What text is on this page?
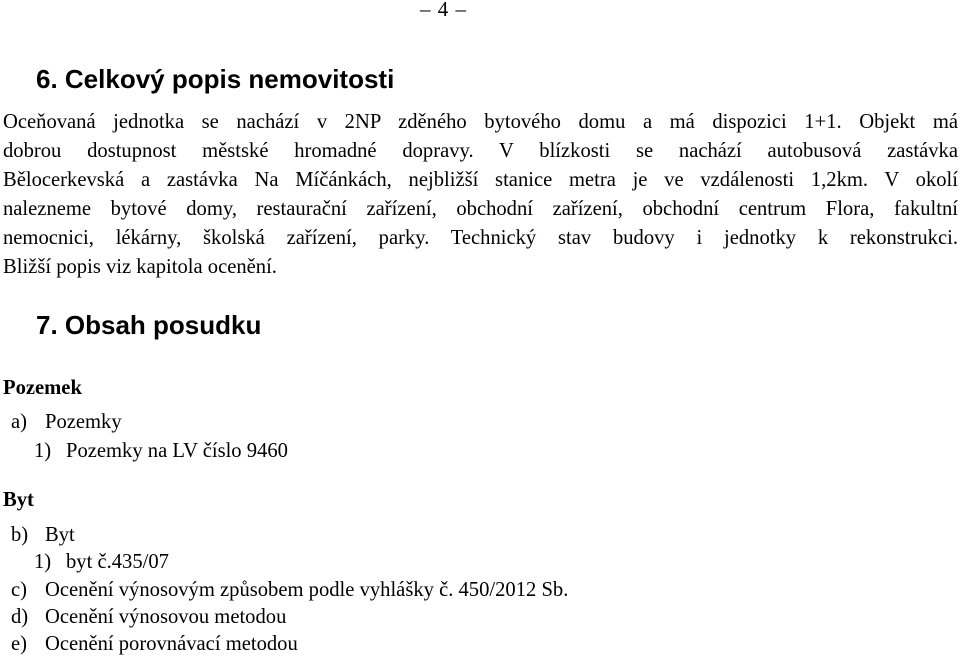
– 4 –
6. Celkový popis nemovitosti

Oceňovaná jednotka se nachází v 2NP zděného bytového domu a má dispozici 1+1. Objekt má
dobrou dostupnost městské hromadné dopravy. V blízkosti se nachází autobusová zastávka
Bělocerkevská a zastávka Na Míčánkách, nejbližší stanice metra je ve vzdálenosti 1,2km. V okolí
nalezneme bytové domy, restaurační zařízení, obchodní zařízení, obchodní centrum Flora, fakultní
nemocnici, lékárny, školská zařízení, parky. Technický stav budovy i jednotky k rekonstrukci.
Bližší popis viz kapitola ocenění.

7. Obsah posudku
Pozemek
a) Pozemky
1) Pozemky na LV číslo 9460
Byt
b) Byt
1) byt č.435/07
c) Ocenění výnosovým způsobem podle vyhlášky č. 450/2012 Sb.
d) Ocenění výnosovou metodou
e) Ocenění porovnávací metodou
